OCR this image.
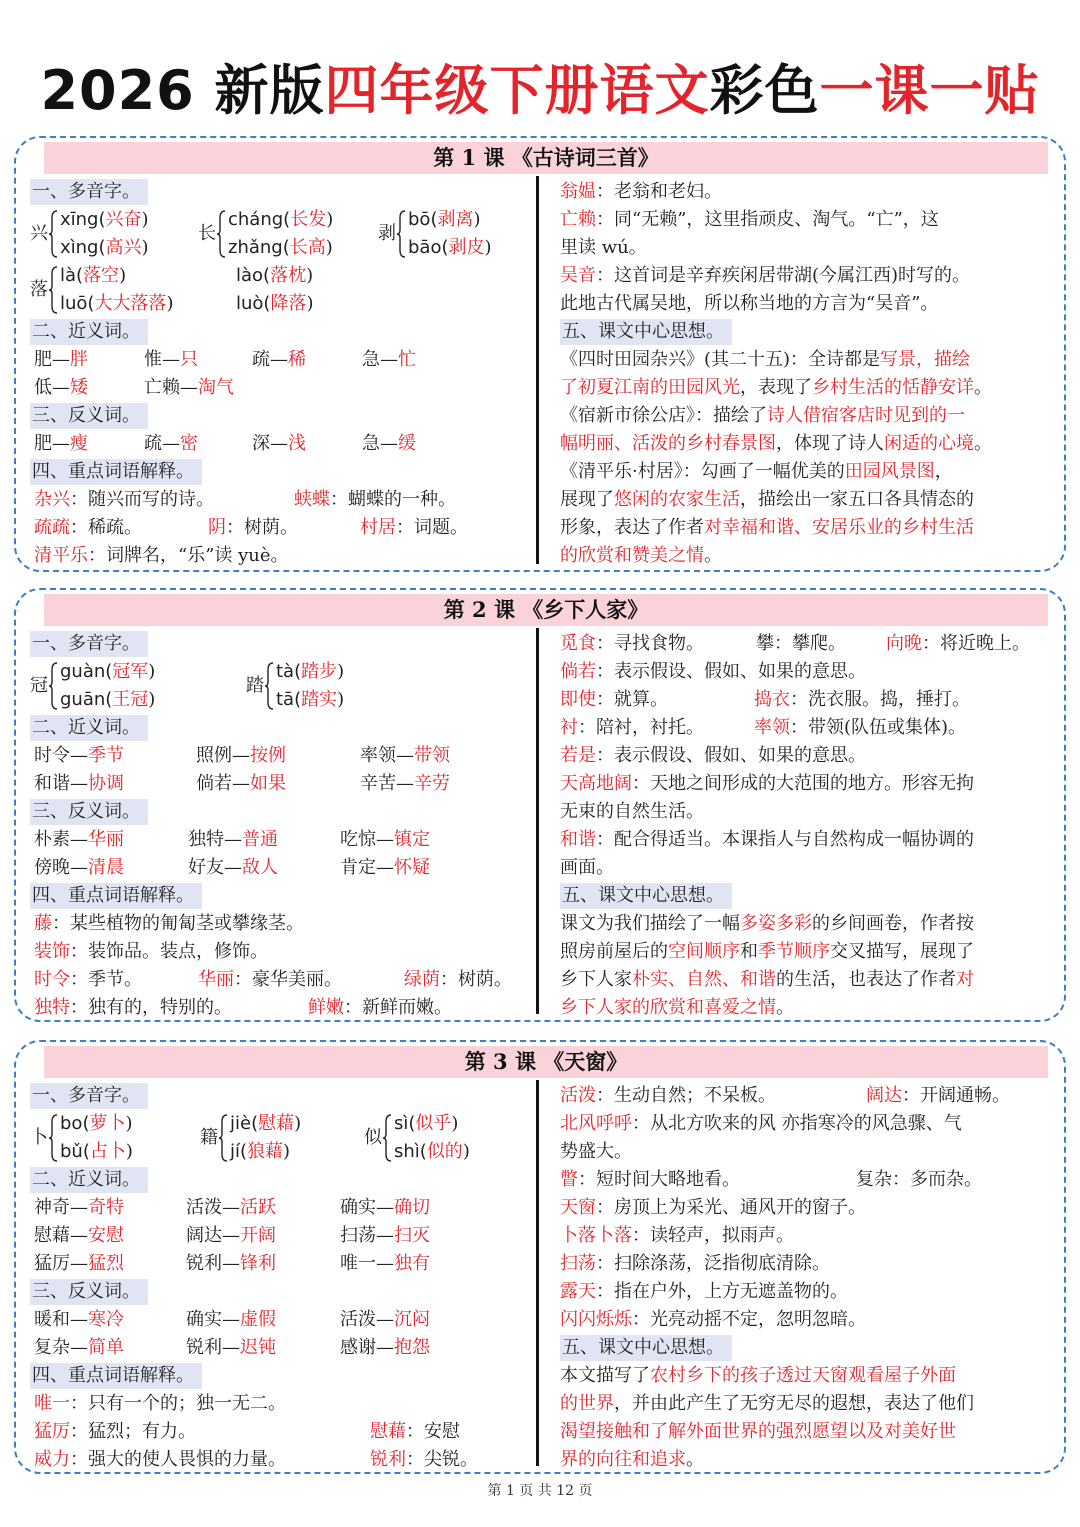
2026 新版四年级下册语文彩色一课一贴
第 1 课 《古诗词三首》
一、多音字。
兴
xīng(兴奋)
xìng(高兴)
长
cháng(长发)
zhǎng(长高)
剥
bō(剥离)
bāo(剥皮)
落
là(落空)
luō(大大落落)
lào(落枕)
luò(降落)
二、近义词。
肥—胖	惟—只	疏—稀	急—忙
低—矮	亡赖—淘气
三、反义词。
肥—瘦	疏—密	深—浅	急—缓
四、重点词语解释。
杂兴：随兴而写的诗。	蛱蝶：蝴蝶的一种。
疏疏：稀疏。	阴：树荫。	村居：词题。
清平乐：词牌名，“乐”读 yuè。
翁媪：老翁和老妇。
亡赖：同“无赖”，这里指顽皮、淘气。“亡”，这
里读 wú。
吴音：这首词是辛弃疾闲居带湖(今属江西)时写的。
此地古代属吴地，所以称当地的方言为“吴音”。
五、课文中心思想。
《四时田园杂兴》(其二十五)：全诗都是写景，描绘
了初夏江南的田园风光，表现了乡村生活的恬静安详。
《宿新市徐公店》：描绘了诗人借宿客店时见到的一
幅明丽、活泼的乡村春景图，体现了诗人闲适的心境。
《清平乐·村居》：勾画了一幅优美的田园风景图，
展现了悠闲的农家生活，描绘出一家五口各具情态的
形象，表达了作者对幸福和谐、安居乐业的乡村生活
的欣赏和赞美之情。
第 2 课 《乡下人家》
一、多音字。
冠
guàn(冠军)
guān(王冠)
踏
tà(踏步)
tā(踏实)
二、近义词。
时令—季节	照例—按例	率领—带领
和谐—协调	倘若—如果	辛苦—辛劳
三、反义词。
朴素—华丽	独特—普通	吃惊—镇定
傍晚—清晨	好友—敌人	肯定—怀疑
四、重点词语解释。
藤：某些植物的匍匐茎或攀缘茎。
装饰：装饰品。装点，修饰。
时令：季节。	华丽：豪华美丽。	绿荫：树荫。
独特：独有的，特别的。	鲜嫩：新鲜而嫩。
觅食：寻找食物。	攀：攀爬。 向晚：将近晚上。
倘若：表示假设、假如、如果的意思。
即使：就算。	捣衣：洗衣服。捣，捶打。
衬：陪衬，衬托。	率领：带领(队伍或集体)。
若是：表示假设、假如、如果的意思。
天高地阔：天地之间形成的大范围的地方。形容无拘
无束的自然生活。
和谐：配合得适当。本课指人与自然构成一幅协调的
画面。
五、课文中心思想。
课文为我们描绘了一幅多姿多彩的乡间画卷，作者按
照房前屋后的空间顺序和季节顺序交叉描写，展现了
乡下人家朴实、自然、和谐的生活，也表达了作者对
乡下人家的欣赏和喜爱之情。
第 3 课 《天窗》
一、多音字。
卜
bo(萝卜)
bǔ(占卜)
籍
jiè(慰藉)
jí(狼藉)
似
sì(似乎)
shì(似的)
二、近义词。
神奇—奇特	活泼—活跃	确实—确切
慰藉—安慰	阔达—开阔	扫荡—扫灭
猛厉—猛烈	锐利—锋利	唯一—独有
三、反义词。
暖和—寒冷	确实—虚假	活泼—沉闷
复杂—简单	锐利—迟钝	感谢—抱怨
四、重点词语解释。
唯一：只有一个的；独一无二。
猛厉：猛烈；有力。	慰藉：安慰
威力：强大的使人畏惧的力量。	锐利：尖锐。
活泼：生动自然；不呆板。	阔达：开阔通畅。
北风呼呼：从北方吹来的风 亦指寒冷的风急骤、气
势盛大。
瞥：短时间大略地看。	复杂：多而杂。
天窗：房顶上为采光、通风开的窗子。
卜落卜落：读轻声，拟雨声。
扫荡：扫除涤荡，泛指彻底清除。
露天：指在户外，上方无遮盖物的。
闪闪烁烁：光亮动摇不定，忽明忽暗。
五、课文中心思想。
本文描写了农村乡下的孩子透过天窗观看屋子外面
的世界，并由此产生了无穷无尽的遐想，表达了他们
渴望接触和了解外面世界的强烈愿望以及对美好世
界的向往和追求。
第 1 页 共 12 页
